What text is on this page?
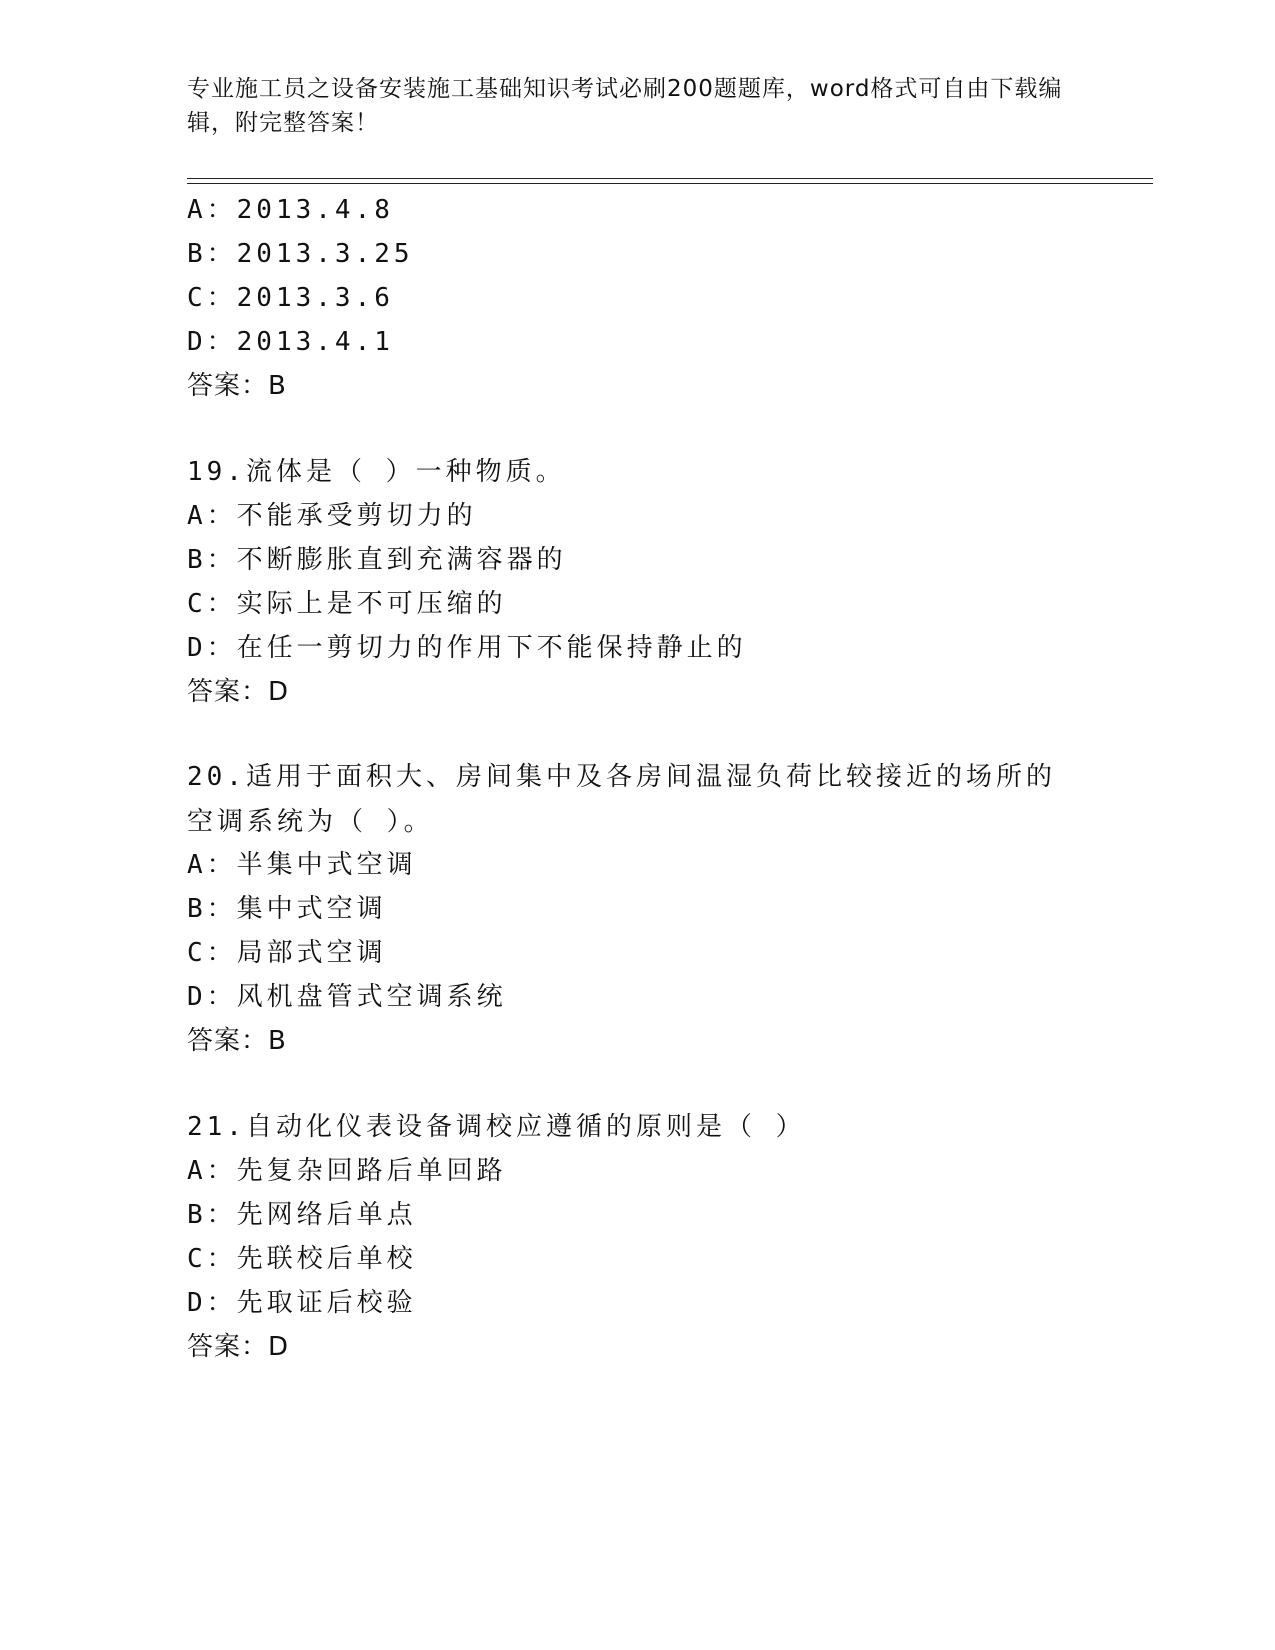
专业施工员之设备安装施工基础知识考试必刷200题题库，word格式可自由下载编辑，附完整答案！
A：2013.4.8
B：2013.3.25
C：2013.3.6
D：2013.4.1
答案：B
19.流体是（ ）一种物质。
A：不能承受剪切力的
B：不断膨胀直到充满容器的
C：实际上是不可压缩的
D：在任一剪切力的作用下不能保持静止的
答案：D
20.适用于面积大、房间集中及各房间温湿负荷比较接近的场所的空调系统为（ ）。
A：半集中式空调
B：集中式空调
C：局部式空调
D：风机盘管式空调系统
答案：B
21.自动化仪表设备调校应遵循的原则是（ ）
A：先复杂回路后单回路
B：先网络后单点
C：先联校后单校
D：先取证后校验
答案：D
